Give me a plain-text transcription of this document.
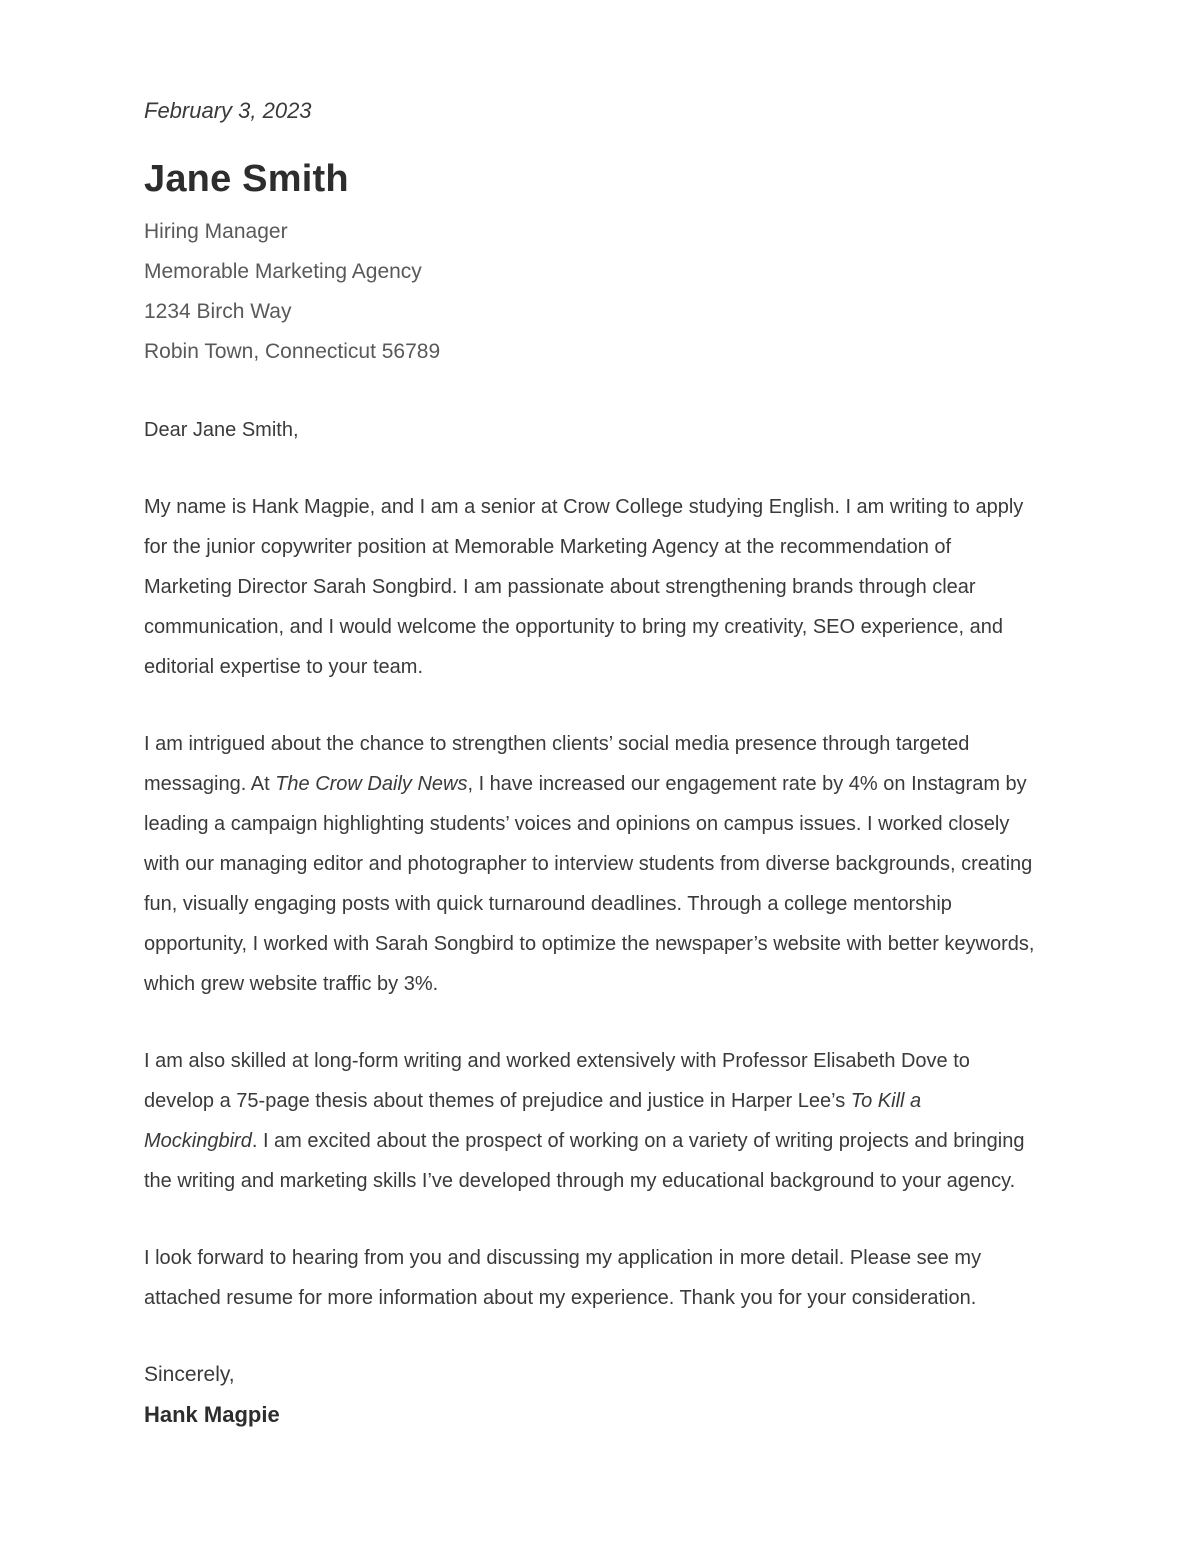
February 3, 2023

Jane Smith

Hiring Manager

Memorable Marketing Agency

1234 Birch Way

Robin Town, Connecticut 56789

Dear Jane Smith,

My name is Hank Magpie, and I am a senior at Crow College studying English. I am writing to apply for the junior copywriter position at Memorable Marketing Agency at the recommendation of Marketing Director Sarah Songbird. I am passionate about strengthening brands through clear communication, and I would welcome the opportunity to bring my creativity, SEO experience, and editorial expertise to your team.

I am intrigued about the chance to strengthen clients’ social media presence through targeted messaging. At The Crow Daily News, I have increased our engagement rate by 4% on Instagram by leading a campaign highlighting students’ voices and opinions on campus issues. I worked closely with our managing editor and photographer to interview students from diverse backgrounds, creating fun, visually engaging posts with quick turnaround deadlines. Through a college mentorship opportunity, I worked with Sarah Songbird to optimize the newspaper’s website with better keywords, which grew website traffic by 3%.

I am also skilled at long-form writing and worked extensively with Professor Elisabeth Dove to develop a 75-page thesis about themes of prejudice and justice in Harper Lee’s To Kill a Mockingbird. I am excited about the prospect of working on a variety of writing projects and bringing the writing and marketing skills I’ve developed through my educational background to your agency.

I look forward to hearing from you and discussing my application in more detail. Please see my attached resume for more information about my experience. Thank you for your consideration.

Sincerely,

Hank Magpie
